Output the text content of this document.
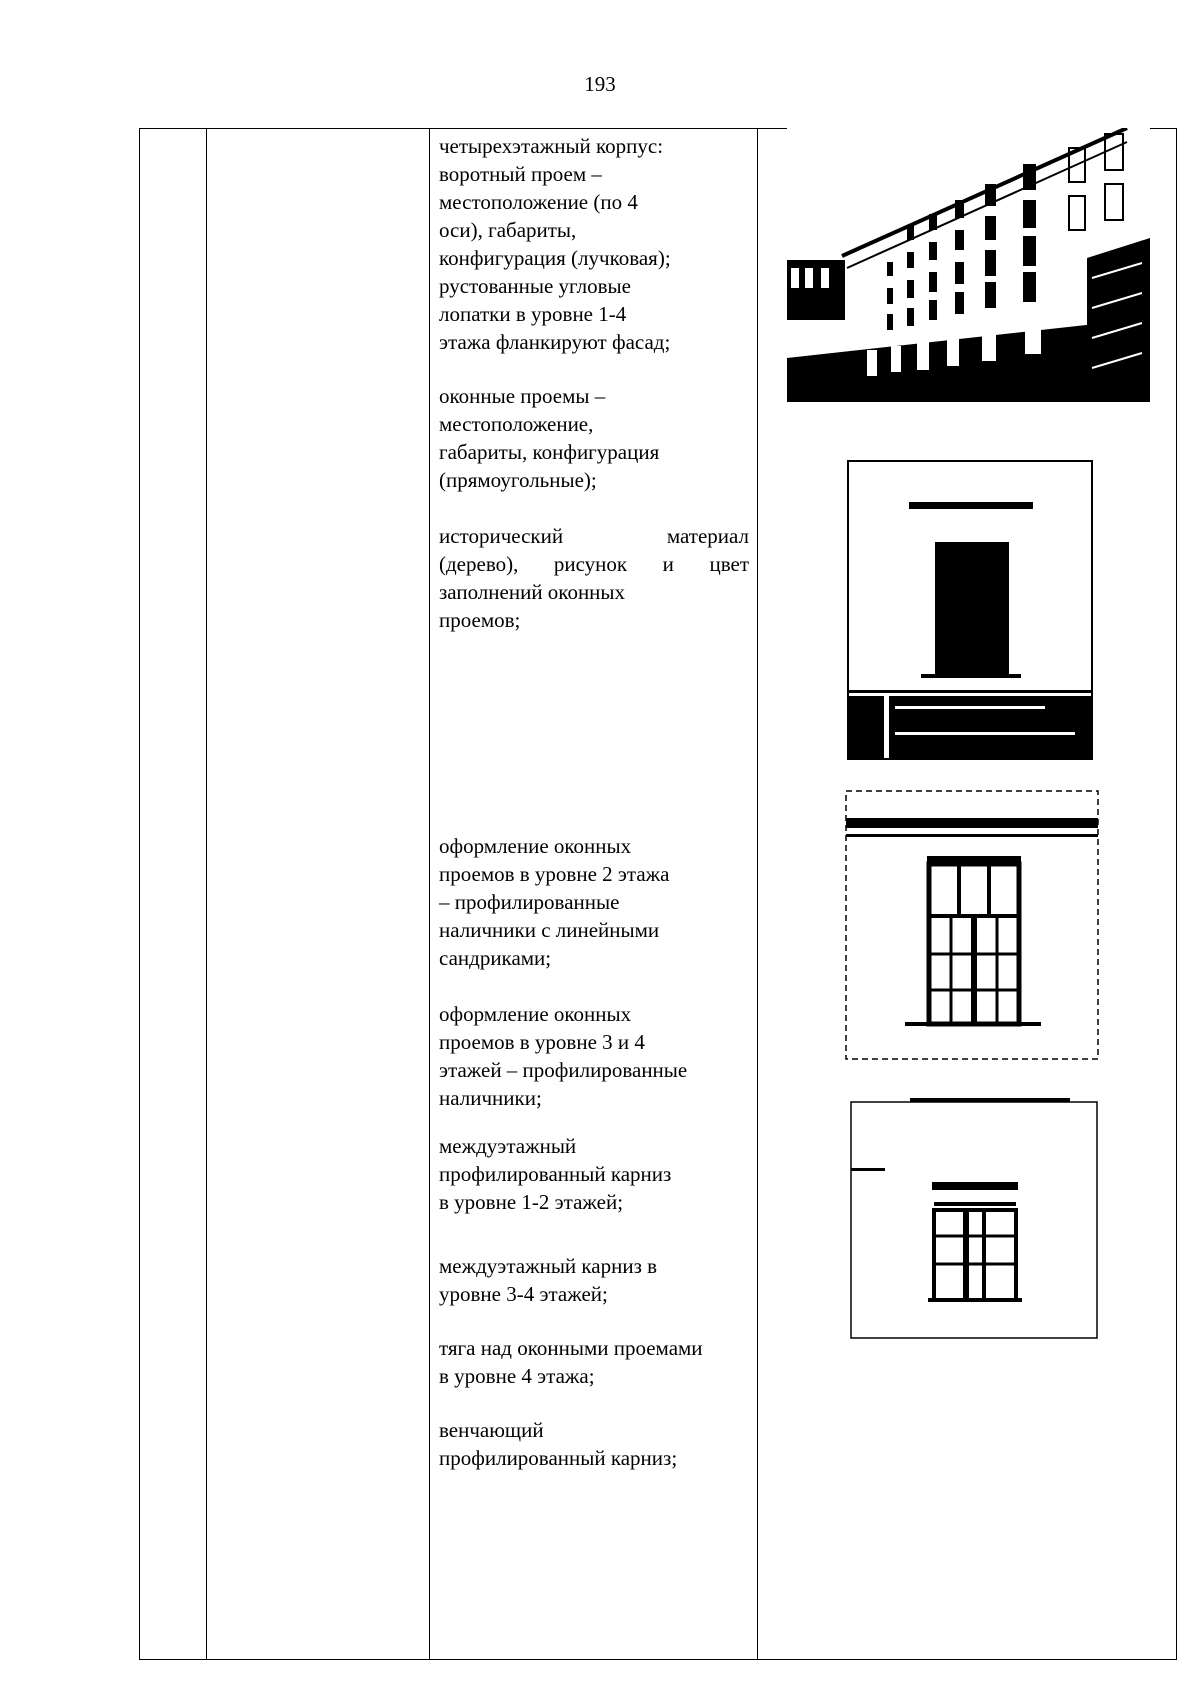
193

четырехэтажный корпус:
воротный проем –
местоположение (по 4
оси), габариты,
конфигурация (лучковая);
рустованные угловые
лопатки в уровне 1-4
этажа фланкируют фасад;

оконные проемы –
местоположение,
габариты, конфигурация
(прямоугольные);

исторический материал
(дерево), рисунок и цвет
заполнений оконных
проемов;

оформление оконных
проемов в уровне 2 этажа
– профилированные
наличники с линейными
сандриками;

оформление оконных
проемов в уровне 3 и 4
этажей – профилированные
наличники;

междуэтажный
профилированный карниз
в уровне 1-2 этажей;

междуэтажный карниз в
уровне 3-4 этажей;

тяга над оконными проемами
в уровне 4 этажа;

венчающий
профилированный карниз;
